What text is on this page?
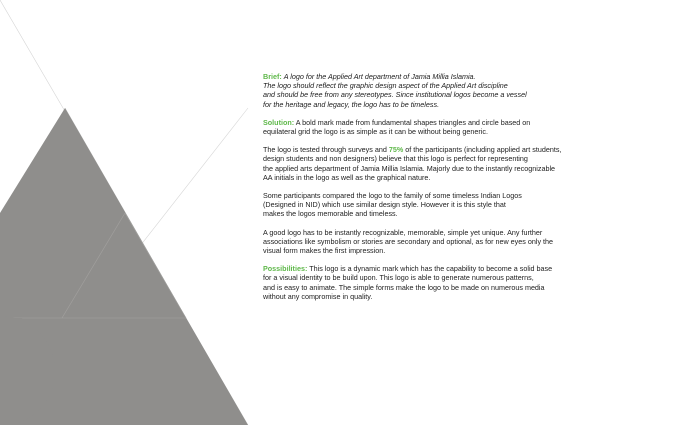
Brief: A logo for the Applied Art department of Jamia Millia Islamia.
The logo should reflect the graphic design aspect of the Applied Art discipline
and should be free from any stereotypes. Since institutional logos become a vessel
for the heritage and legacy, the logo has to be timeless.

Solution: A bold mark made from fundamental shapes triangles and circle based on
equilateral grid the logo is as simple as it can be without being generic.

The logo is tested through surveys and 75% of the participants (including applied art students,
design students and non designers) believe that this logo is perfect for representing
the applied arts department of Jamia Millia Islamia. Majorly due to the instantly recognizable
AA initials in the logo as well as the graphical nature.

Some participants compared the logo to the family of some timeless Indian Logos
(Designed in NID) which use similar design style. However it is this style that
makes the logos memorable and timeless.

A good logo has to be instantly recognizable, memorable, simple yet unique. Any further
associations like symbolism or stories are secondary and optional, as for new eyes only the
visual form makes the first impression.

Possibilities: This logo is a dynamic mark which has the capability to become a solid base
for a visual identity to be build upon. This logo is able to generate numerous patterns,
and is easy to animate. The simple forms make the logo to be made on numerous media
without any compromise in quality.
